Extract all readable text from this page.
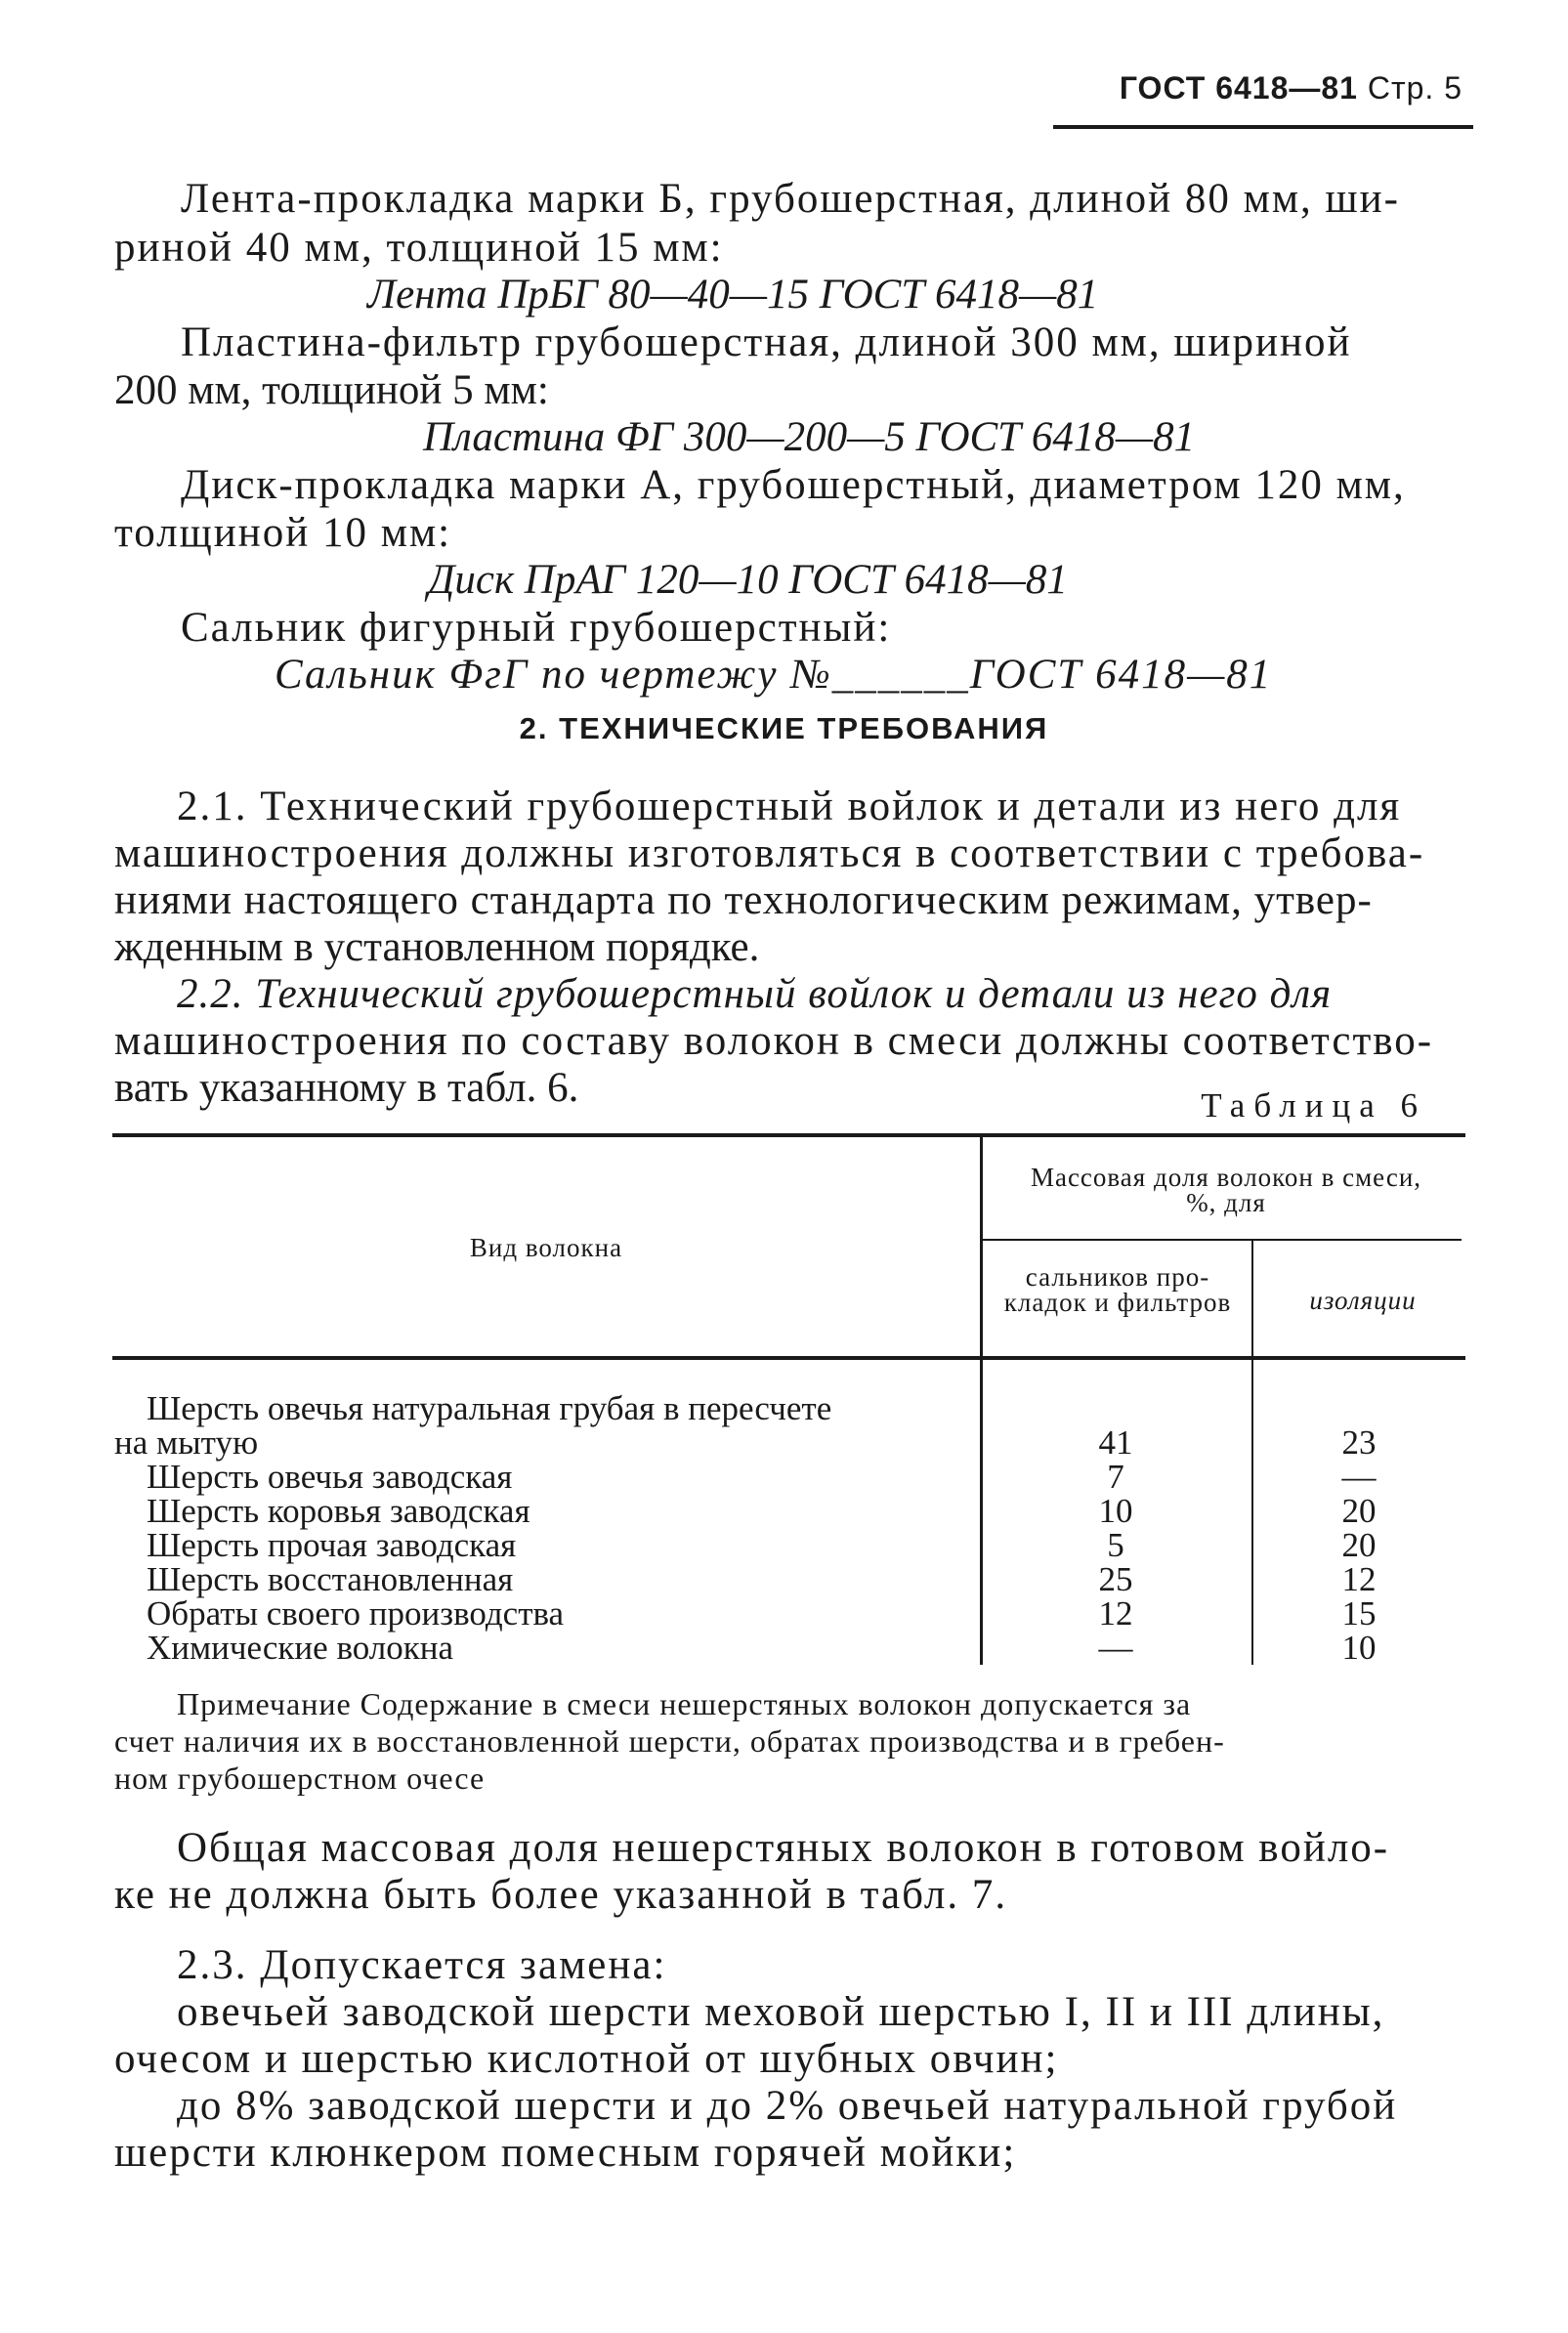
ГОСТ 6418—81 Стр. 5
Лента-прокладка марки Б, грубошерстная, длиной 80 мм, ши-
риной 40 мм, толщиной 15 мм:
Лента ПрБГ 80—40—15 ГОСТ 6418—81
Пластина-фильтр грубошерстная, длиной 300 мм, шириной
200 мм, толщиной 5 мм:
Пластина ФГ 300—200—5 ГОСТ 6418—81
Диск-прокладка марки А, грубошерстный, диаметром 120 мм,
толщиной 10 мм:
Диск ПрАГ 120—10 ГОСТ 6418—81
Сальник фигурный грубошерстный:
Сальник ФгГ по чертежу №______ГОСТ 6418—81
2. ТЕХНИЧЕСКИЕ ТРЕБОВАНИЯ
2.1. Технический грубошерстный войлок и детали из него для
машиностроения должны изготовляться в соответствии с требова-
ниями настоящего стандарта по технологическим режимам, утвер-
жденным в установленном порядке.
2.2. Технический грубошерстный войлок и детали из него для
машиностроения по составу волокон в смеси должны соответство-
вать указанному в табл. 6.	Таблица 6
Вид волокна
Массовая доля волокон в смеси, %, для
сальников про- кладок и фильтров	изоляции
Шерсть овечья натуральная грубая в пересчете
на мытую	41	23
Шерсть овечья заводская	7	—
Шерсть коровья заводская	10	20
Шерсть прочая заводская	5	20
Шерсть восстановленная	25	12
Обраты своего производства	12	15
Химические волокна	—	10
Примечание Содержание в смеси нешерстяных волокон допускается за
счет наличия их в восстановленной шерсти, обратах производства и в гребен-
ном грубошерстном очесе
Общая массовая доля нешерстяных волокон в готовом войло-
ке не должна быть более указанной в табл. 7.
2.3. Допускается замена:
овечьей заводской шерсти меховой шерстью I, II и III длины,
очесом и шерстью кислотной от шубных овчин;
до 8% заводской шерсти и до 2% овечьей натуральной грубой
шерсти клюнкером помесным горячей мойки;
